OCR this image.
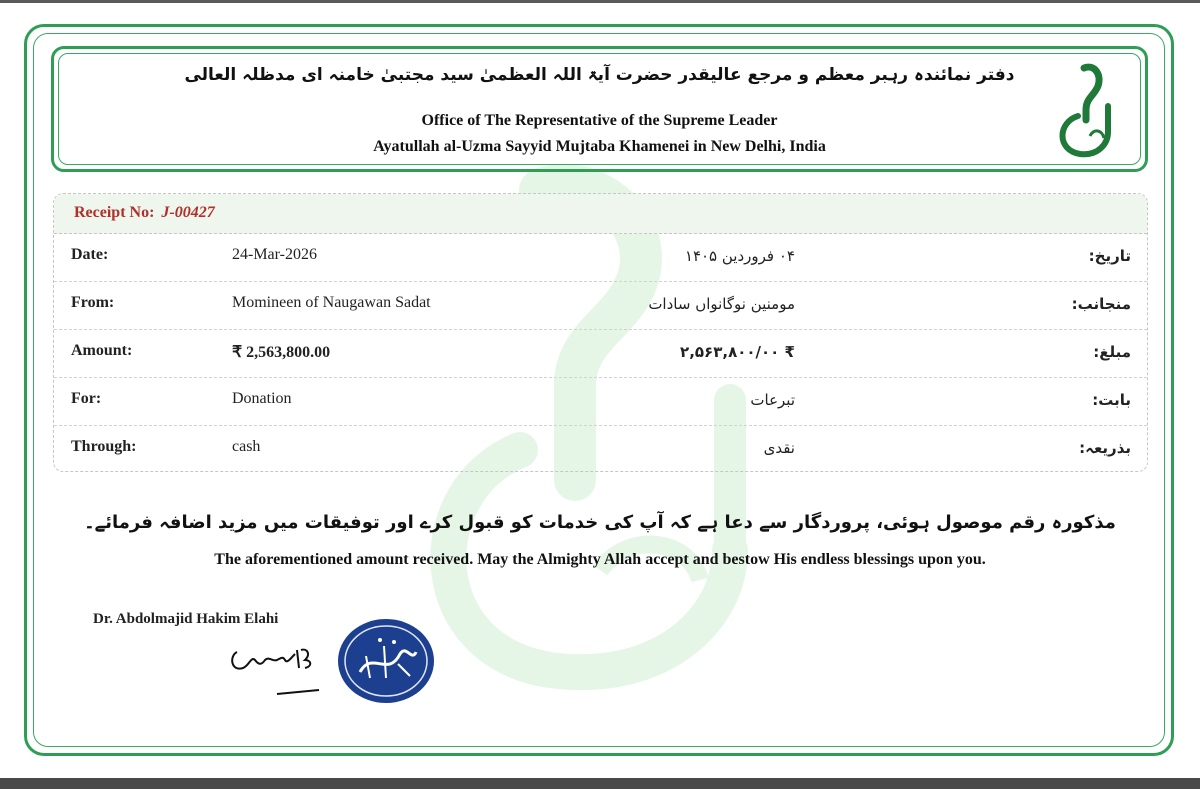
دفتر نمائندہ رہبر معظم و مرجع عالیقدر حضرت آیۃ اللہ العظمیٰ سید مجتبیٰ خامنہ ای مدظلہ العالی
Office of The Representative of the Supreme Leader
Ayatullah al-Uzma Sayyid Mujtaba Khamenei in New Delhi, India
Receipt No: J-00427
Date:	24-Mar-2026	۰۴ فروردین ۱۴۰۵	تاریخ:
From:	Momineen of Naugawan Sadat	مومنین نوگانواں سادات	منجانب:
Amount:	₹ 2,563,800.00	₹ ۲,۵۶۳,۸۰۰/۰۰	مبلغ:
For:	Donation	تبرعات	بابت:
Through:	cash	نقدی	بذریعہ:
مذکورہ رقم موصول ہوئی، پروردگار سے دعا ہے کہ آپ کی خدمات کو قبول کرے اور توفیقات میں مزید اضافہ فرمائے۔
The aforementioned amount received. May the Almighty Allah accept and bestow His endless blessings upon you.
Dr. Abdolmajid Hakim Elahi
